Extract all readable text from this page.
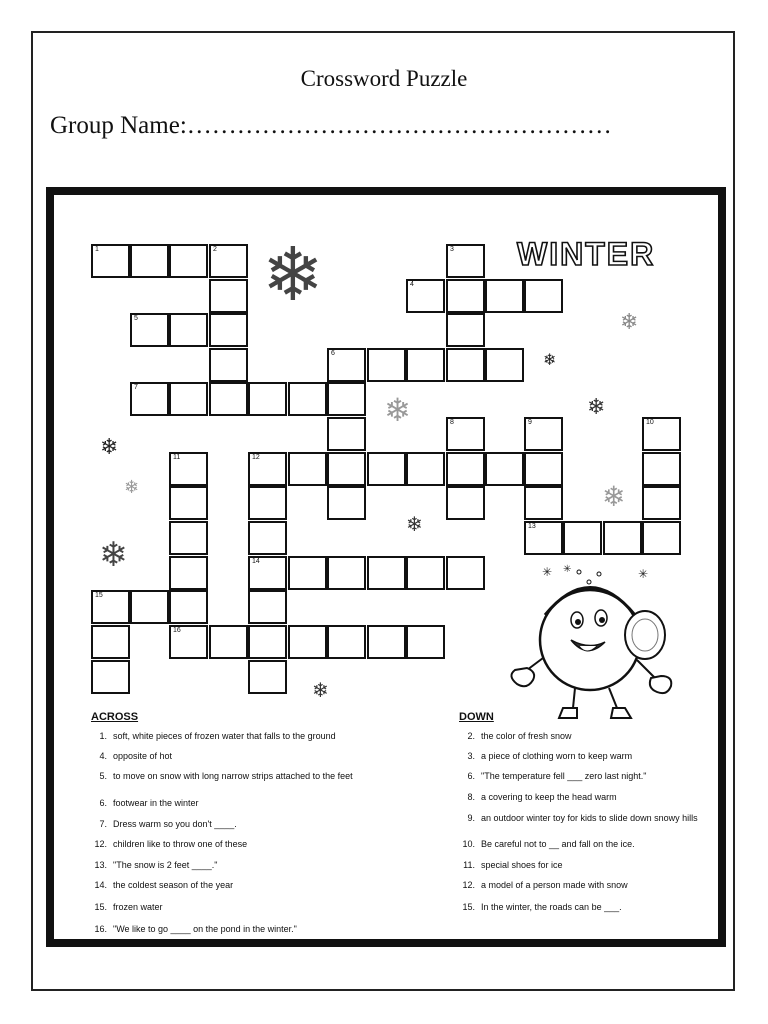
Crossword Puzzle
Group Name:……………………………………………
1	2	3
4
5
6
7
8	9	10
11	12
13
14
15
16
WINTER
❄
❄
❄
❄	❄
❄
❄	❄
❄
❄
❄
✳ ✳	✳
ACROSS	DOWN
1. soft, white pieces of frozen water that falls to the ground
4. opposite of hot
5. to move on snow with long narrow strips attached to the feet
6. footwear in the winter
7. Dress warm so you don't ____.
12. children like to throw one of these
13. "The snow is 2 feet ____."
14. the coldest season of the year
15. frozen water
16. "We like to go ____ on the pond in the winter."
2. the color of fresh snow
3. a piece of clothing worn to keep warm
6. "The temperature fell ___ zero last night."
8. a covering to keep the head warm
9. an outdoor winter toy for kids to slide down snowy hills
10. Be careful not to __ and fall on the ice.
11. special shoes for ice
12. a model of a person made with snow
15. In the winter, the roads can be ___.
